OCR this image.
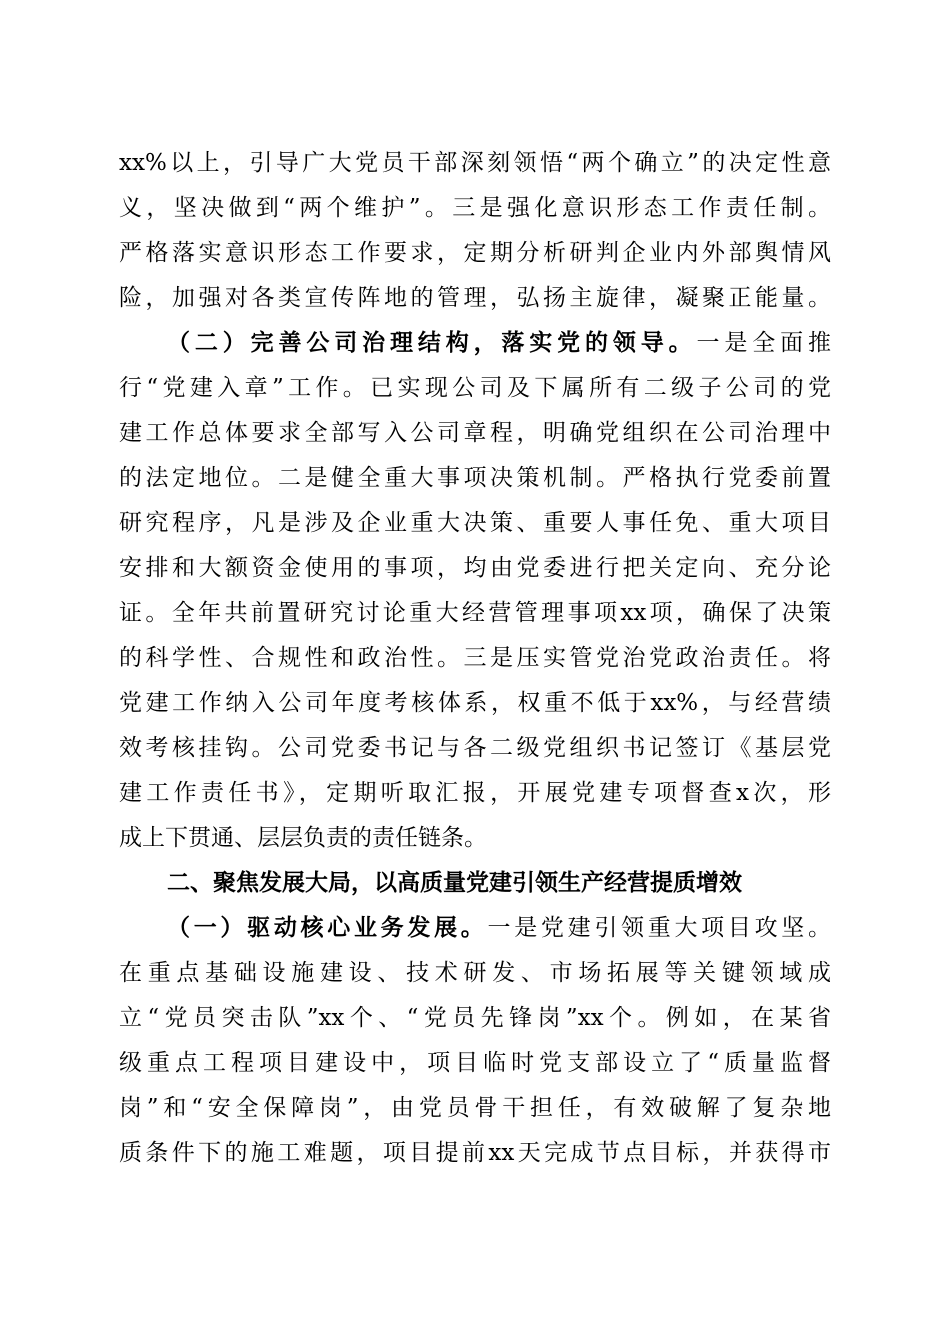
xx%以上，引导广大党员干部深刻领悟“两个确立”的决定性意
义，坚决做到“两个维护”。三是强化意识形态工作责任制。
严格落实意识形态工作要求，定期分析研判企业内外部舆情风
险，加强对各类宣传阵地的管理，弘扬主旋律，凝聚正能量。
（二）完善公司治理结构，落实党的领导。一是全面推
行“党建入章”工作。已实现公司及下属所有二级子公司的党
建工作总体要求全部写入公司章程，明确党组织在公司治理中
的法定地位。二是健全重大事项决策机制。严格执行党委前置
研究程序，凡是涉及企业重大决策、重要人事任免、重大项目
安排和大额资金使用的事项，均由党委进行把关定向、充分论
证。全年共前置研究讨论重大经营管理事项xx项，确保了决策
的科学性、合规性和政治性。三是压实管党治党政治责任。将
党建工作纳入公司年度考核体系，权重不低于xx%，与经营绩
效考核挂钩。公司党委书记与各二级党组织书记签订《基层党
建工作责任书》，定期听取汇报，开展党建专项督查x次，形
成上下贯通、层层负责的责任链条。
二、聚焦发展大局，以高质量党建引领生产经营提质增效
（一）驱动核心业务发展。一是党建引领重大项目攻坚。
在重点基础设施建设、技术研发、市场拓展等关键领域成
立“党员突击队”xx个、“党员先锋岗”xx个。例如，在某省
级重点工程项目建设中，项目临时党支部设立了“质量监督
岗”和“安全保障岗”，由党员骨干担任，有效破解了复杂地
质条件下的施工难题，项目提前xx天完成节点目标，并获得市
